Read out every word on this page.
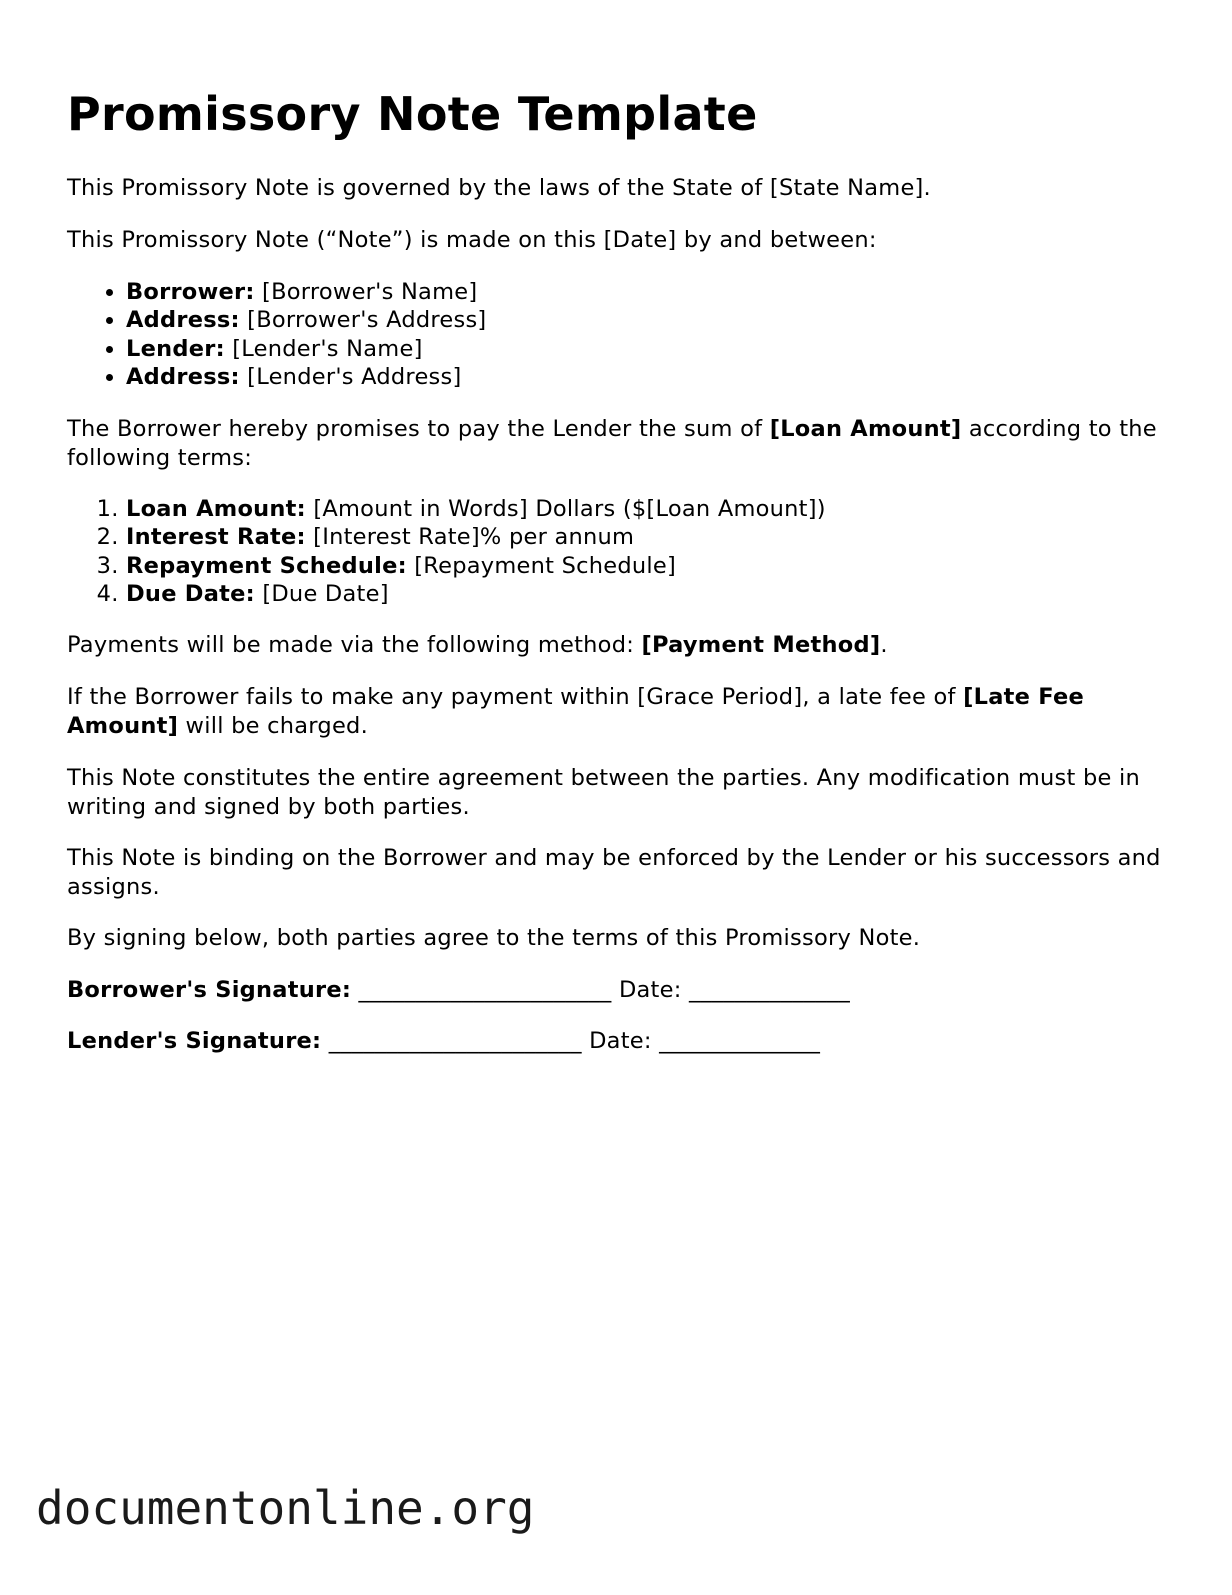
Promissory Note Template

This Promissory Note is governed by the laws of the State of [State Name].

This Promissory Note (“Note”) is made on this [Date] by and between:

• Borrower: [Borrower's Name]
• Address: [Borrower's Address]
• Lender: [Lender's Name]
• Address: [Lender's Address]

The Borrower hereby promises to pay the Lender the sum of [Loan Amount] according to the following terms:

1. Loan Amount: [Amount in Words] Dollars ($[Loan Amount])
2. Interest Rate: [Interest Rate]% per annum
3. Repayment Schedule: [Repayment Schedule]
4. Due Date: [Due Date]

Payments will be made via the following method: [Payment Method].

If the Borrower fails to make any payment within [Grace Period], a late fee of [Late Fee Amount] will be charged.

This Note constitutes the entire agreement between the parties. Any modification must be in writing and signed by both parties.

This Note is binding on the Borrower and may be enforced by the Lender or his successors and assigns.

By signing below, both parties agree to the terms of this Promissory Note.

Borrower's Signature: ______________________ Date: ______________
Lender's Signature: ______________________ Date: ______________
documentonline.org
